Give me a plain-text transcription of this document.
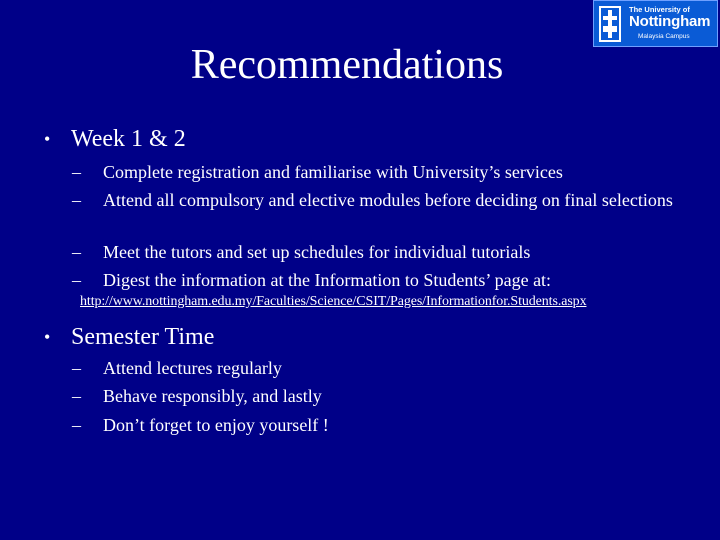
The University of
Nottingham
Malaysia Campus
Recommendations
• Week 1 & 2
– Complete registration and familiarise with University’s services
– Attend all compulsory and elective modules before deciding on final selections
– Meet the tutors and set up schedules for individual tutorials
– Digest the information at the Information to Students’ page at:
http://www.nottingham.edu.my/Faculties/Science/CSIT/Pages/Informationfor.Students.aspx
• Semester Time
– Attend lectures regularly
– Behave responsibly, and lastly
– Don’t forget to enjoy yourself !
